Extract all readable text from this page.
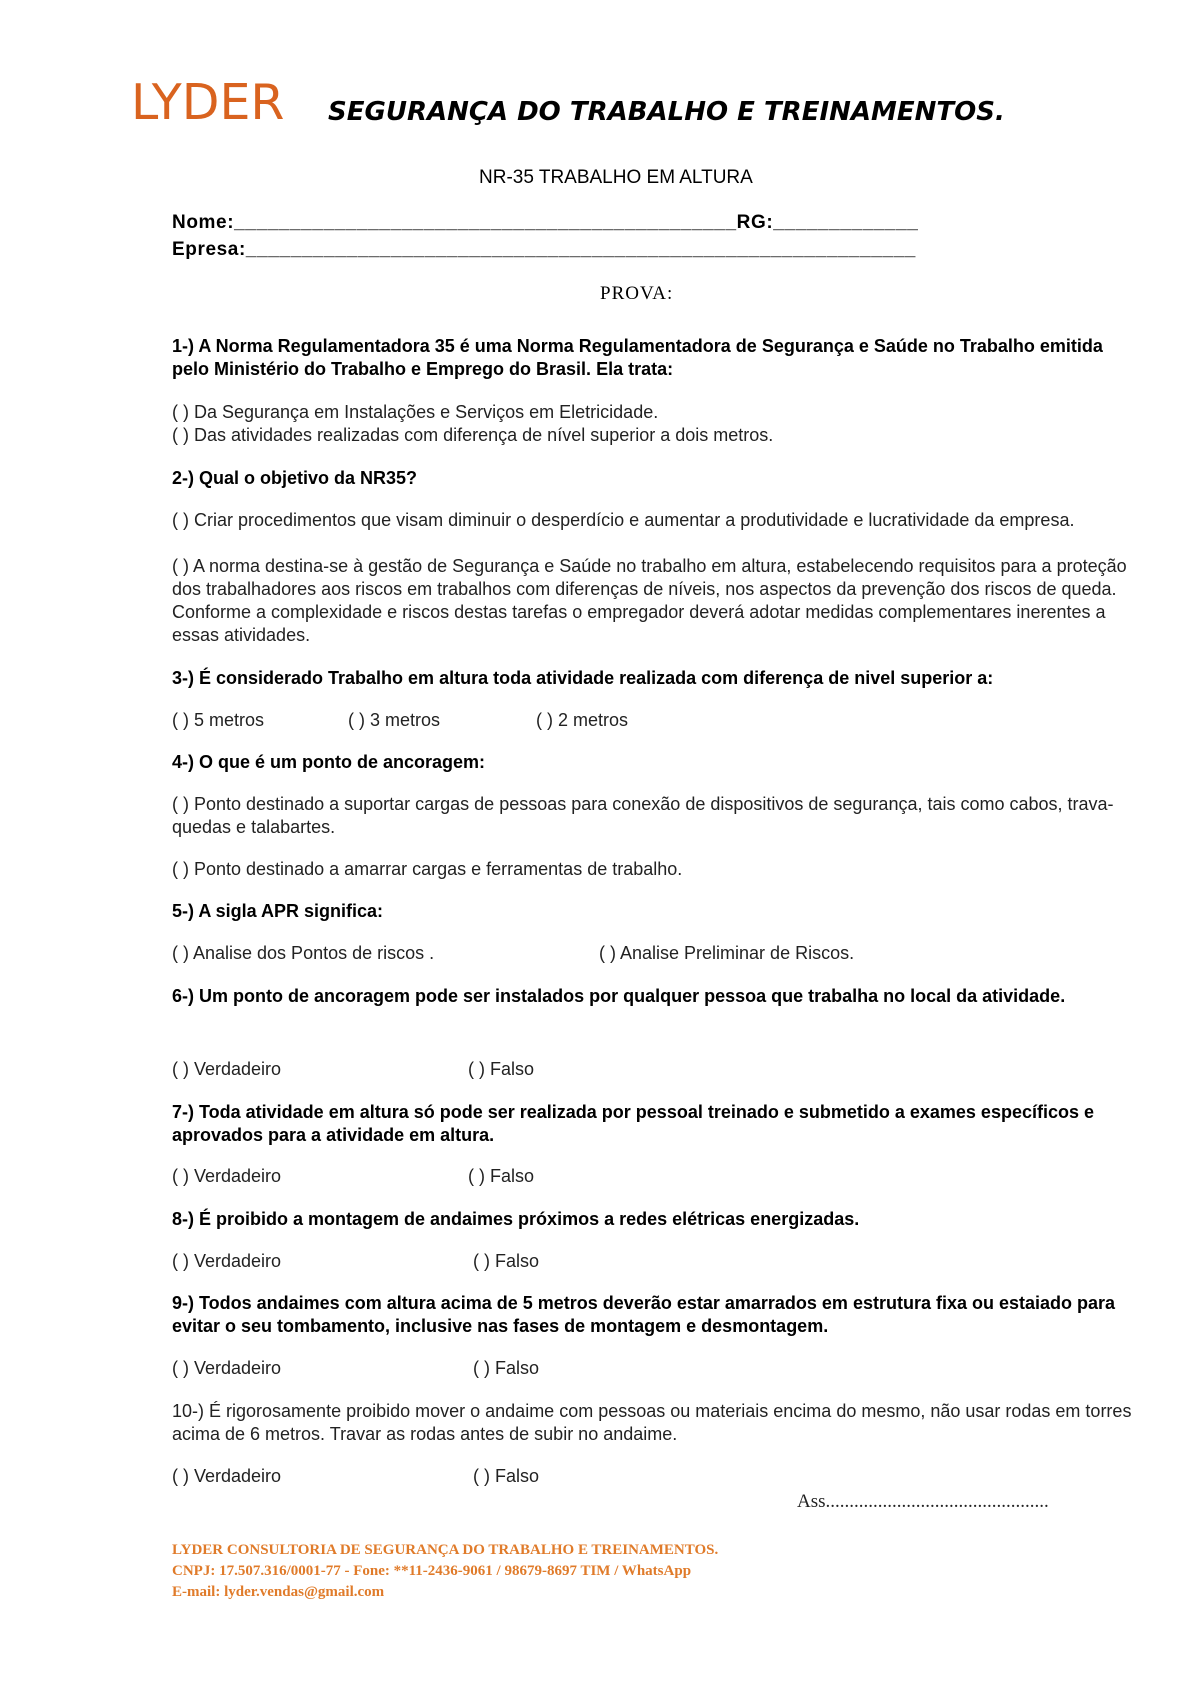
LYDER SEGURANÇA DO TRABALHO E TREINAMENTOS.
NR-35 TRABALHO EM ALTURA
Nome:_____________________________________________RG:_____________
Epresa:____________________________________________________________
PROVA:
1-) A Norma Regulamentadora 35 é uma Norma Regulamentadora de Segurança e Saúde no Trabalho emitida pelo Ministério do Trabalho e Emprego do Brasil. Ela trata:
( ) Da Segurança em Instalações e Serviços em Eletricidade.
( ) Das atividades realizadas com diferença de nível superior a dois metros.
2-) Qual o objetivo da NR35?
( ) Criar procedimentos que visam diminuir o desperdício e aumentar a produtividade e lucratividade da empresa.
( ) A norma destina-se à gestão de Segurança e Saúde no trabalho em altura, estabelecendo requisitos para a proteção dos trabalhadores aos riscos em trabalhos com diferenças de níveis, nos aspectos da prevenção dos riscos de queda. Conforme a complexidade e riscos destas tarefas o empregador deverá adotar medidas complementares inerentes a essas atividades.
3-) É considerado Trabalho em altura toda atividade realizada com diferença de nivel superior a:
( ) 5 metros	( ) 3 metros	( ) 2 metros
4-) O que é um ponto de ancoragem:
( ) Ponto destinado a suportar cargas de pessoas para conexão de dispositivos de segurança, tais como cabos, trava-quedas e talabartes.
( ) Ponto destinado a amarrar cargas e ferramentas de trabalho.
5-) A sigla APR significa:
( ) Analise dos Pontos de riscos .	( ) Analise Preliminar de Riscos.
6-) Um ponto de ancoragem pode ser instalados por qualquer pessoa que trabalha no local da atividade.
( ) Verdadeiro	( ) Falso
7-) Toda atividade em altura só pode ser realizada por pessoal treinado e submetido a exames específicos e aprovados para a atividade em altura.
( ) Verdadeiro	( ) Falso
8-) É proibido a montagem de andaimes próximos a redes elétricas energizadas.
( ) Verdadeiro	( ) Falso
9-) Todos andaimes com altura acima de 5 metros deverão estar amarrados em estrutura fixa ou estaiado para evitar o seu tombamento, inclusive nas fases de montagem e desmontagem.
( ) Verdadeiro	( ) Falso
10-) É rigorosamente proibido mover o andaime com pessoas ou materiais encima do mesmo, não usar rodas em torres acima de 6 metros. Travar as rodas antes de subir no andaime.
( ) Verdadeiro	( ) Falso
Ass...............................................
LYDER CONSULTORIA DE SEGURANÇA DO TRABALHO E TREINAMENTOS.
CNPJ: 17.507.316/0001-77 - Fone: **11-2436-9061 / 98679-8697 TIM / WhatsApp
E-mail: lyder.vendas@gmail.com
